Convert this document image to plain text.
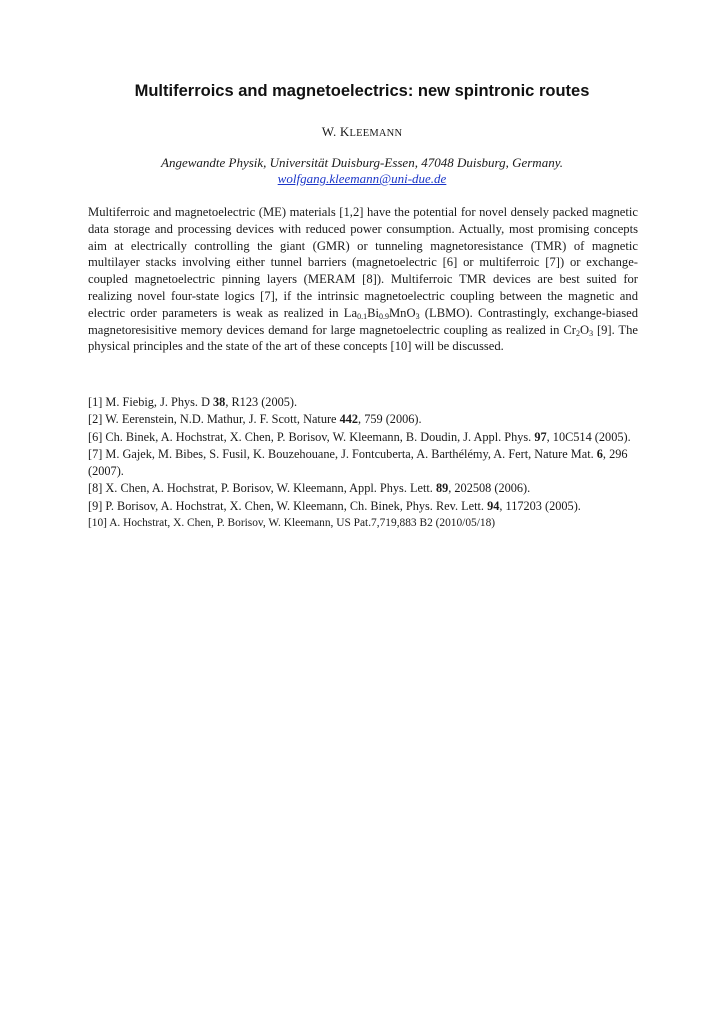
Multiferroics and magnetoelectrics: new spintronic routes
W. KLEEMANN
Angewandte Physik, Universität Duisburg-Essen, 47048 Duisburg, Germany.
wolfgang.kleemann@uni-due.de
Multiferroic and magnetoelectric (ME) materials [1,2] have the potential for novel densely packed magnetic data storage and processing devices with reduced power consumption. Actually, most promising concepts aim at electrically controlling the giant (GMR) or tunneling magnetoresistance (TMR) of magnetic multilayer stacks involving either tunnel barriers (magnetoelectric [6] or multiferroic [7]) or exchange-coupled magnetoelectric pinning layers (MERAM [8]). Multiferroic TMR devices are best suited for realizing novel four-state logics [7], if the intrinsic magnetoelectric coupling between the magnetic and electric order parameters is weak as realized in $La_{0.1}Bi_{0.9}MnO_3$ (LBMO). Contrastingly, exchange-biased magnetoresisitive memory devices demand for large magnetoelectric coupling as realized in $Cr_2O_3$ [9]. The physical principles and the state of the art of these concepts [10] will be discussed.

[1] M. Fiebig, J. Phys. D 38, R123 (2005).

[2] W. Eerenstein, N.D. Mathur, J. F. Scott, Nature 442, 759 (2006).

[6] Ch. Binek, A. Hochstrat, X. Chen, P. Borisov, W. Kleemann, B. Doudin, J. Appl. Phys. 97, 10C514 (2005).

[7] M. Gajek, M. Bibes, S. Fusil, K. Bouzehouane, J. Fontcuberta, A. Barthélémy, A. Fert, Nature Mat. 6, 296 (2007).

[8] X. Chen, A. Hochstrat, P. Borisov, W. Kleemann, Appl. Phys. Lett. 89, 202508 (2006).

[9] P. Borisov, A. Hochstrat, X. Chen, W. Kleemann, Ch. Binek, Phys. Rev. Lett. 94, 117203 (2005).

[10] A. Hochstrat, X. Chen, P. Borisov, W. Kleemann, US Pat.7,719,883 B2 (2010/05/18)
